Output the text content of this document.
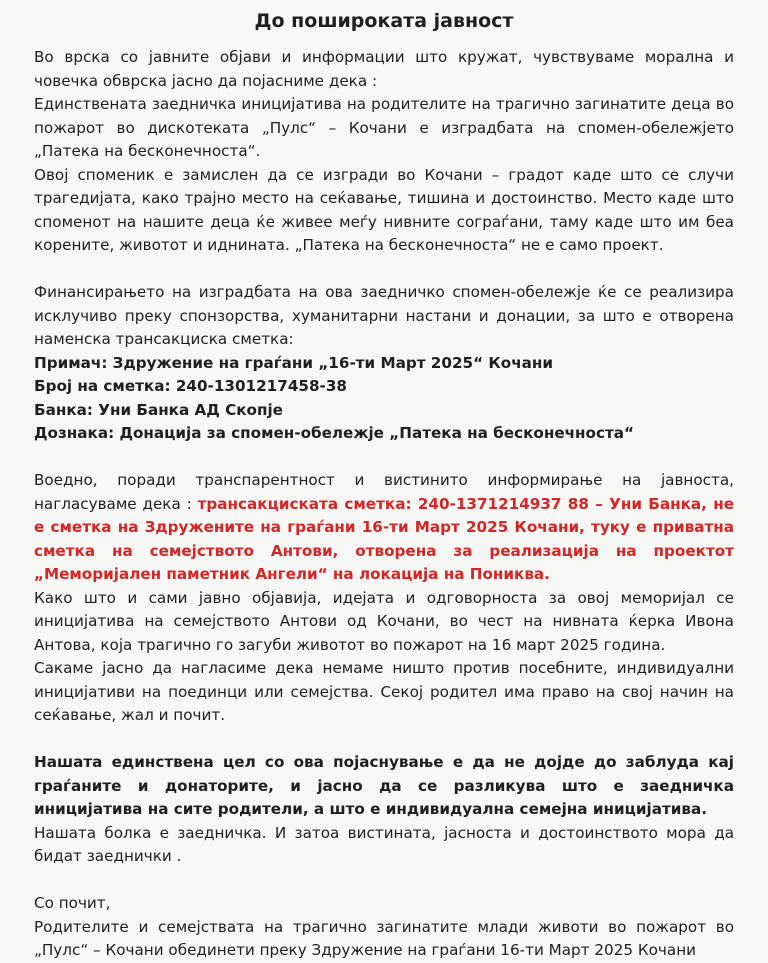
До пошироката јавност

Во врска со јавните објави и информации што кружат, чувствуваме морална и човечка обврска јасно да појасниме дека :

Единствената заедничка иницијатива на родителите на трагично загинатите деца во пожарот во дискотеката „Пулс“ – Кочани е изградбата на спомен-обележјето „Патека на бесконечноста“.

Овој споменик е замислен да се изгради во Кочани – градот каде што се случи трагедијата, како трајно место на сеќавање, тишина и достоинство. Место каде што споменот на нашите деца ќе живее меѓу нивните сограѓани, таму каде што им беа корените, животот и иднината. „Патека на бесконечноста“ не е само проект.

Финансирањето на изградбата на ова заедничко спомен-обележје ќе се реализира исклучиво преку спонзорства, хуманитарни настани и донации, за што е отворена наменска трансакциска сметка:

Примач: Здружение на граѓани „16-ти Март 2025“ Кочани

Број на сметка: 240-1301217458-38

Банка: Уни Банка АД Скопје

Дознака: Донација за спомен-обележје „Патека на бесконечноста“

Воедно, поради транспарентност и вистинито информирање на јавноста, нагласуваме дека : трансакциската сметка: 240-1371214937 88 – Уни Банка, не е сметка на Здружените на граѓани 16-ти Март 2025 Кочани, туку е приватна сметка на семејството Антови, отворена за реализација на проектот „Меморијален паметник Ангели“ на локација на Пониква.

Како што и сами јавно објавија, идејата и одговорноста за овој меморијал се иницијатива на семејството Антови од Кочани, во чест на нивната ќерка Ивона Антова, која трагично го загуби животот во пожарот на 16 март 2025 година.

Сакаме јасно да нагласиме дека немаме ништо против посебните, индивидуални иницијативи на поединци или семејства. Секој родител има право на свој начин на сеќавање, жал и почит.

Нашата единствена цел со ова појаснување е да не дојде до заблуда кај граѓаните и донаторите, и јасно да се разликува што е заедничка иницијатива на сите родители, а што е индивидуална семејна иницијатива.

Нашата болка е заедничка. И затоа вистината, јасноста и достоинството мора да бидат заеднички .

Со почит,

Родителите и семејствата на трагично загинатите млади животи во пожарот во „Пулс“ – Кочани обединети преку Здружение на граѓани 16-ти Март 2025 Кочани
